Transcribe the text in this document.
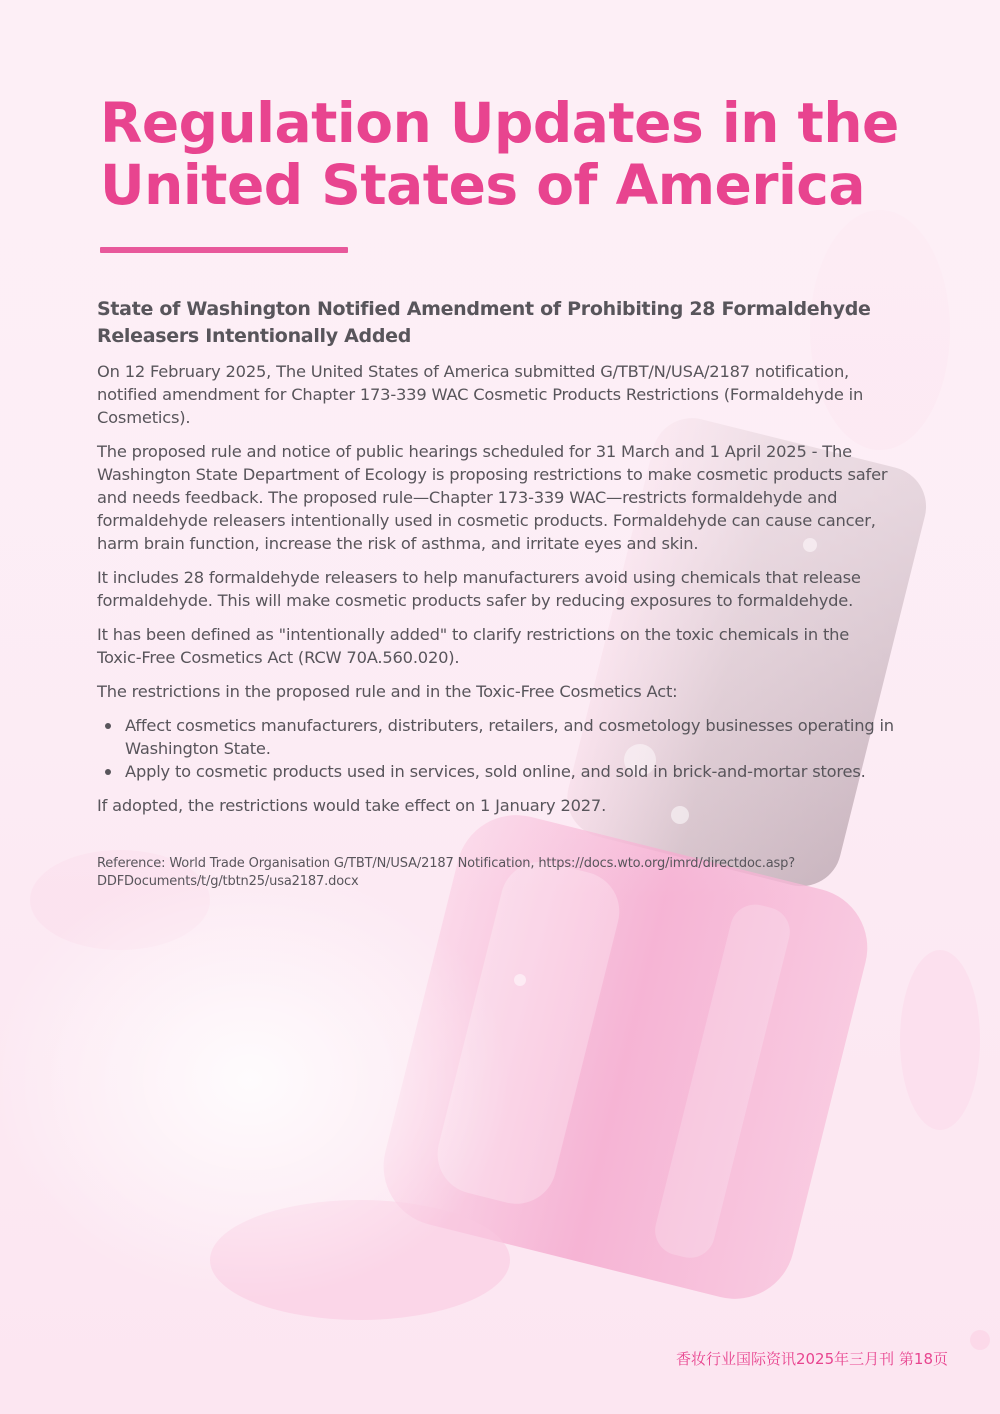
Regulation Updates in the
United States of America
State of Washington Notified Amendment of Prohibiting 28 Formaldehyde
Releasers Intentionally Added

On 12 February 2025, The United States of America submitted G/TBT/N/USA/2187 notification,
notified amendment for Chapter 173-339 WAC Cosmetic Products Restrictions (Formaldehyde in
Cosmetics).

The proposed rule and notice of public hearings scheduled for 31 March and 1 April 2025 - The
Washington State Department of Ecology is proposing restrictions to make cosmetic products safer
and needs feedback. The proposed rule—Chapter 173-339 WAC—restricts formaldehyde and
formaldehyde releasers intentionally used in cosmetic products. Formaldehyde can cause cancer,
harm brain function, increase the risk of asthma, and irritate eyes and skin.

It includes 28 formaldehyde releasers to help manufacturers avoid using chemicals that release
formaldehyde. This will make cosmetic products safer by reducing exposures to formaldehyde.

It has been defined as "intentionally added" to clarify restrictions on the toxic chemicals in the
Toxic-Free Cosmetics Act (RCW 70A.560.020).

The restrictions in the proposed rule and in the Toxic-Free Cosmetics Act:

Affect cosmetics manufacturers, distributers, retailers, and cosmetology businesses operating in
Washington State.
Apply to cosmetic products used in services, sold online, and sold in brick-and-mortar stores.

If adopted, the restrictions would take effect on 1 January 2027.

Reference: World Trade Organisation G/TBT/N/USA/2187 Notification, https://docs.wto.org/imrd/directdoc.asp?
DDFDocuments/t/g/tbtn25/usa2187.docx
香妆行业国际资讯2025年三月刊 第18页
